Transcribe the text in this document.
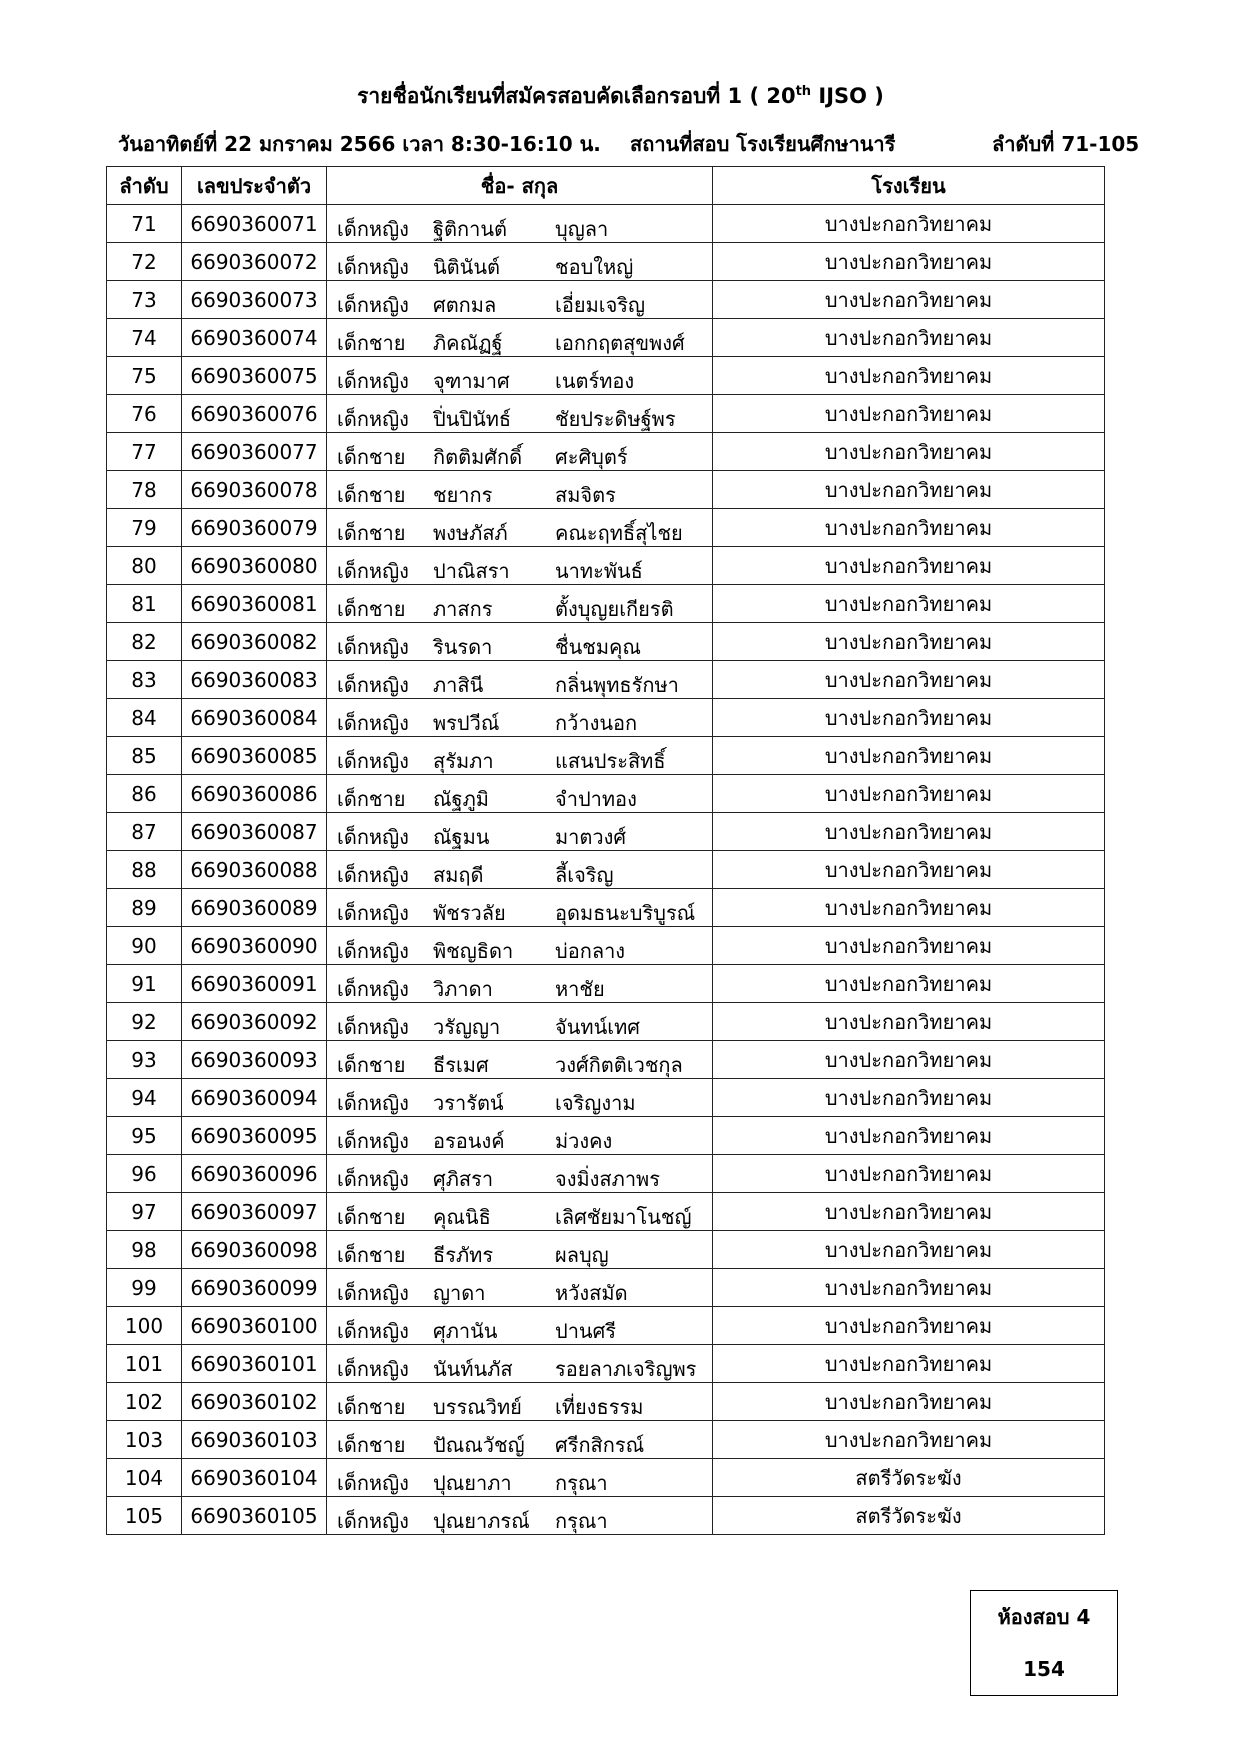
รายชื่อนักเรียนที่สมัครสอบคัดเลือกรอบที่ 1 ( 20th IJSO )
วันอาทิตย์ที่ 22 มกราคม 2566 เวลา 8:30-16:10 น. สถานที่สอบ โรงเรียนศึกษานารี	ลำดับที่ 71-105
ลำดับ	เลขประจำตัว	ชื่อ- สกุล	โรงเรียน
71	6690360071	เด็กหญิง ฐิติกานต์ บุญลา	บางปะกอกวิทยาคม
72	6690360072	เด็กหญิง นิตินันต์ ชอบใหญ่	บางปะกอกวิทยาคม
73	6690360073	เด็กหญิง ศตกมล เอี่ยมเจริญ	บางปะกอกวิทยาคม
74	6690360074	เด็กชาย ภิคณัฏฐ์ เอกกฤตสุขพงศ์	บางปะกอกวิทยาคม
75	6690360075	เด็กหญิง จุฑามาศ เนตร์ทอง	บางปะกอกวิทยาคม
76	6690360076	เด็กหญิง ปิ่นปินัทธ์ ชัยประดิษฐ์พร	บางปะกอกวิทยาคม
77	6690360077	เด็กชาย กิตติมศักดิ์ ศะศิบุตร์	บางปะกอกวิทยาคม
78	6690360078	เด็กชาย ชยากร สมจิตร	บางปะกอกวิทยาคม
79	6690360079	เด็กชาย พงษภัสภ์ คณะฤทธิ์สุไชย	บางปะกอกวิทยาคม
80	6690360080	เด็กหญิง ปาณิสรา นาทะพันธ์	บางปะกอกวิทยาคม
81	6690360081	เด็กชาย ภาสกร ตั้งบุญยเกียรติ	บางปะกอกวิทยาคม
82	6690360082	เด็กหญิง รินรดา ชื่นชมคุณ	บางปะกอกวิทยาคม
83	6690360083	เด็กหญิง ภาสินี กลิ่นพุทธรักษา	บางปะกอกวิทยาคม
84	6690360084	เด็กหญิง พรปวีณ์ กว้างนอก	บางปะกอกวิทยาคม
85	6690360085	เด็กหญิง สุรัมภา แสนประสิทธิ์	บางปะกอกวิทยาคม
86	6690360086	เด็กชาย ณัฐภูมิ จำปาทอง	บางปะกอกวิทยาคม
87	6690360087	เด็กหญิง ณัฐมน มาตวงศ์	บางปะกอกวิทยาคม
88	6690360088	เด็กหญิง สมฤดี ลี้เจริญ	บางปะกอกวิทยาคม
89	6690360089	เด็กหญิง พัชรวลัย อุดมธนะบริบูรณ์	บางปะกอกวิทยาคม
90	6690360090	เด็กหญิง พิชญธิดา บ่อกลาง	บางปะกอกวิทยาคม
91	6690360091	เด็กหญิง วิภาดา หาชัย	บางปะกอกวิทยาคม
92	6690360092	เด็กหญิง วรัญญา จันทน์เทศ	บางปะกอกวิทยาคม
93	6690360093	เด็กชาย ธีรเมศ วงศ์กิตติเวชกุล	บางปะกอกวิทยาคม
94	6690360094	เด็กหญิง วรารัตน์ เจริญงาม	บางปะกอกวิทยาคม
95	6690360095	เด็กหญิง อรอนงค์ ม่วงคง	บางปะกอกวิทยาคม
96	6690360096	เด็กหญิง ศุภิสรา จงมิ่งสภาพร	บางปะกอกวิทยาคม
97	6690360097	เด็กชาย คุณนิธิ เลิศชัยมาโนชญ์	บางปะกอกวิทยาคม
98	6690360098	เด็กชาย ธีรภัทร ผลบุญ	บางปะกอกวิทยาคม
99	6690360099	เด็กหญิง ญาดา หวังสมัด	บางปะกอกวิทยาคม
100	6690360100	เด็กหญิง ศุภานัน ปานศรี	บางปะกอกวิทยาคม
101	6690360101	เด็กหญิง นันท์นภัส รอยลาภเจริญพร	บางปะกอกวิทยาคม
102	6690360102	เด็กชาย บรรณวิทย์ เที่ยงธรรม	บางปะกอกวิทยาคม
103	6690360103	เด็กชาย ปัณณวัชญ์ ศรีกสิกรณ์	บางปะกอกวิทยาคม
104	6690360104	เด็กหญิง ปุณยาภา กรุณา	สตรีวัดระฆัง
105	6690360105	เด็กหญิง ปุณยาภรณ์ กรุณา	สตรีวัดระฆัง
ห้องสอบ 4
154
